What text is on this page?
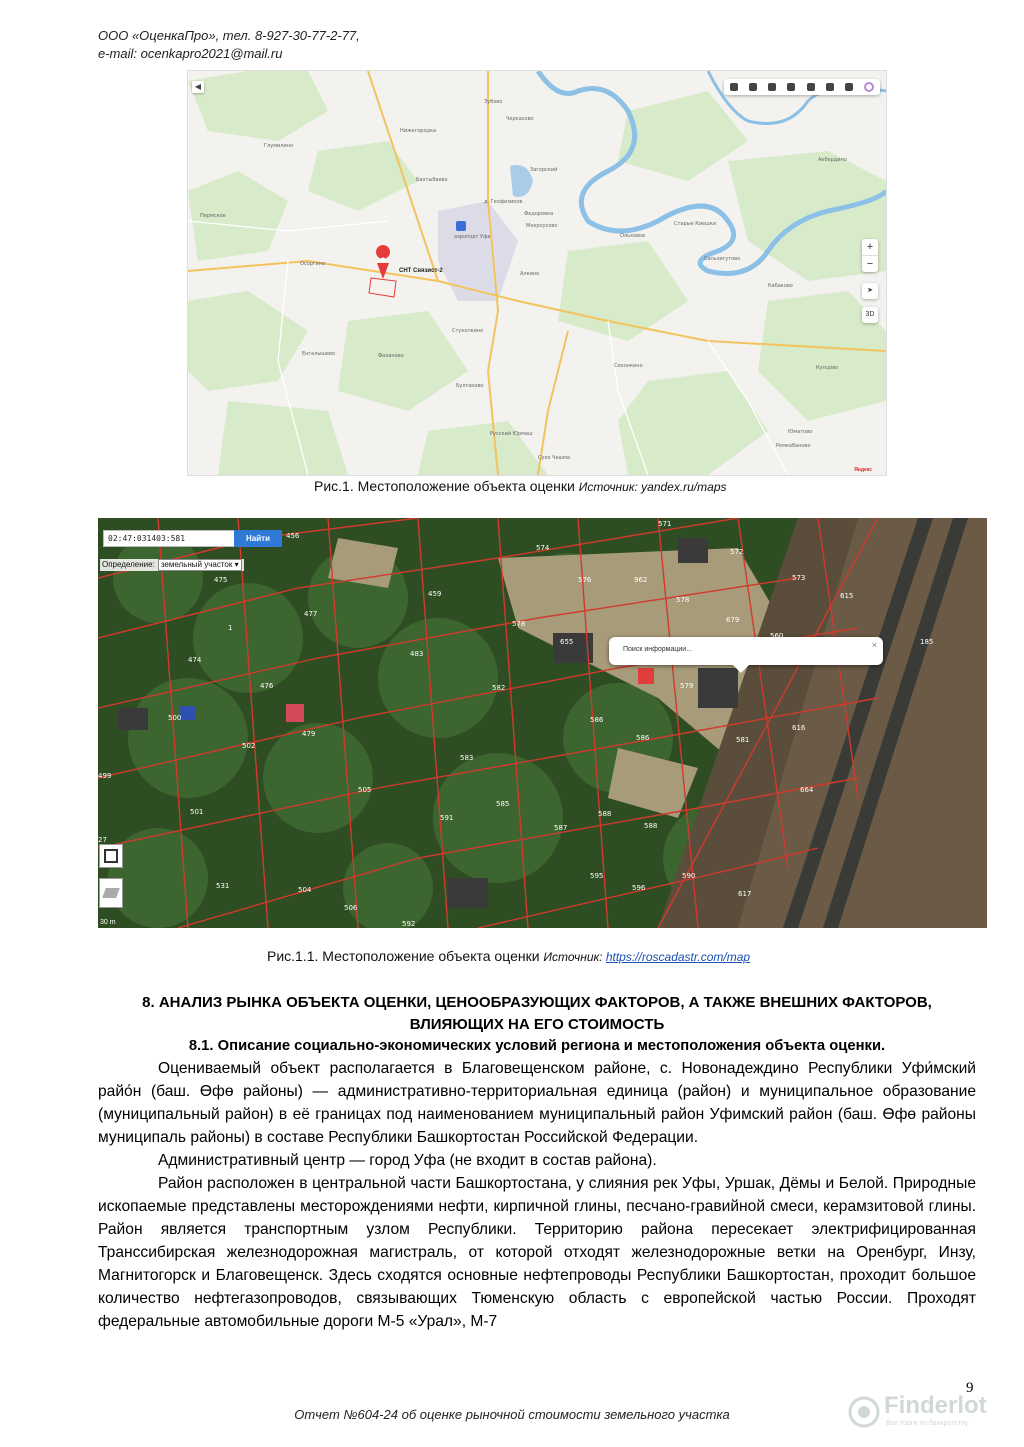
ООО «ОценкаПро», тел. 8-927-30-77-2-77,
e-mail: ocenkapro2021@mail.ru
Зубово
Черкасово
Нижегородка
Глумилино
Бахтыбаево
Загорский
д. Геофизиков
Федоровка
аэропорт Уфа
Мокроусово
Ольховое
Старые Киешки
Осоргино
Сальзигутово
Кабаково
Алкино
Стуколкино
Енгалышево	Фаханово
Булгаково
Сихонкино	Купцово
Юматово
Русский Юрмаш
Сухо Чешма
Ремкабаново
Акбердино
Пермское
СНТ Связист-2
◀
+
−
➤
3D
Яндекс
Рис.1. Местоположение объекта оценки Источник: yandex.ru/maps
02:47:031403:581	Найти
Определение: земельный участок ▾
Поиск информации...	×
30 m
571
574	572
573
615
578
962
679
576
655
578
560
185
474
477
459
1
476
483
582	579
616
500
479
502
583
586
586	581
505
585
587	588
664
501
591	588
531	504
506
595
596
590
617
592
475
456
499
27
Рис.1.1. Местоположение объекта оценки Источник: https://roscadastr.com/map
8. АНАЛИЗ РЫНКА ОБЪЕКТА ОЦЕНКИ, ЦЕНООБРАЗУЮЩИХ ФАКТОРОВ, А ТАКЖЕ ВНЕШНИХ ФАКТОРОВ,
ВЛИЯЮЩИХ НА ЕГО СТОИМОСТЬ
8.1. Описание социально-экономических условий региона и местоположения объекта оценки.

Оцениваемый объект располагается в Благовещенском районе, с. Новонадеждино Республики Уфи́мский райо́н (баш. Өфө районы) — административно-территориальная единица (район) и муниципальное образование (муниципальный район) в её границах под наименованием муниципальный район Уфимский район (баш. Өфө районы муниципаль районы) в составе Республики Башкортостан Российской Федерации.

Административный центр — город Уфа (не входит в состав района).

Район расположен в центральной части Башкортостана, у слияния рек Уфы, Уршак, Дёмы и Белой. Природные ископаемые представлены месторождениями нефти, кирпичной глины, песчано-гравийной смеси, керамзитовой глины. Район является транспортным узлом Республики. Территорию района пересекает электрифицированная Транссибирская железнодорожная магистраль, от которой отходят железнодорожные ветки на Оренбург, Инзу, Магнитогорск и Благовещенск. Здесь сходятся основные нефтепроводы Республики Башкортостан, проходит большое количество нефтегазопроводов, связывающих Тюменскую область с европейской частью России. Проходят федеральные автомобильные дороги М-5 «Урал», М-7

9
Отчет №604-24 об оценке рыночной стоимости земельного участка	Finderlot
Все торги по банкротству
